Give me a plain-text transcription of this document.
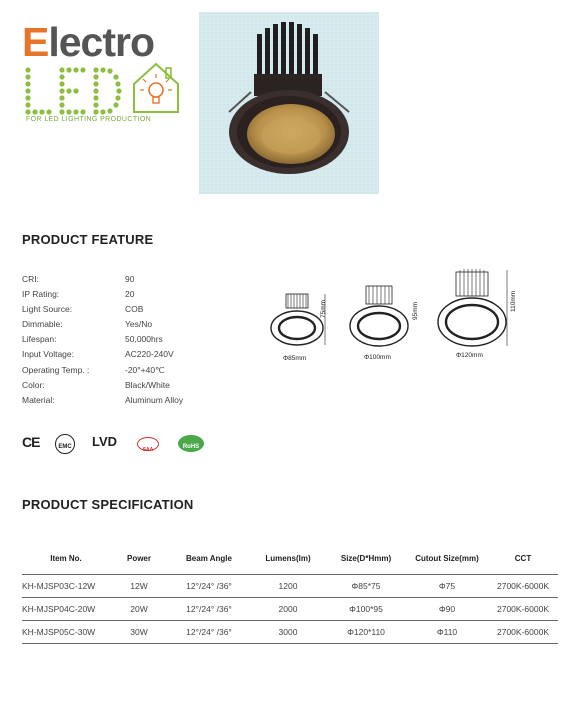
Electro
FOR LED LIGHTING PRODUCTION
PRODUCT FEATURE
CRI:	90
IP Rating:	20
Light Source:	COB
Dimmable:	Yes/No
Lifespan:	50,000hrs
Input Voltage:	AC220-240V
Operating Temp. :	-20°+40℃
Color:	Black/White
Material:	Aluminum Alloy
75mm
Φ85mm
95mm
Φ100mm
110mm
Φ120mm
CE	EMC LVD
SAA	RoHS
PRODUCT SPECIFICATION
Item No.	Power	Beam Angle	Lumens(lm)	Size(D*Hmm)	Cutout Size(mm)	CCT
KH-MJSP03C-12W	12W	12°/24° /36°	1200	Φ85*75	Φ75	2700K-6000K
KH-MJSP04C-20W	20W	12°/24° /36°	2000	Φ100*95	Φ90	2700K-6000K
KH-MJSP05C-30W	30W	12°/24° /36°	3000	Φ120*110	Φ110	2700K-6000K
